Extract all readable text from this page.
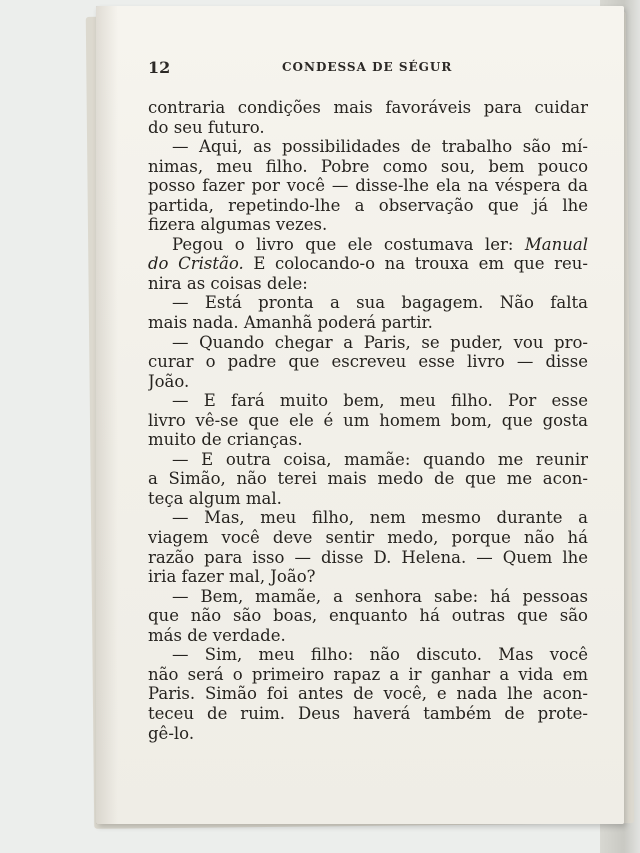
12	CONDESSA DE SÉGUR
contraria condições mais favoráveis para cuidar
do seu futuro.
— Aqui, as possibilidades de trabalho são mí-
nimas, meu filho. Pobre como sou, bem pouco
posso fazer por você — disse-lhe ela na véspera da
partida, repetindo-lhe a observação que já lhe
fizera algumas vezes.
Pegou o livro que ele costumava ler: Manual
do Cristão. E colocando-o na trouxa em que reu-
nira as coisas dele:
— Está pronta a sua bagagem. Não falta
mais nada. Amanhã poderá partir.
— Quando chegar a Paris, se puder, vou pro-
curar o padre que escreveu esse livro — disse
João.
— E fará muito bem, meu filho. Por esse
livro vê-se que ele é um homem bom, que gosta
muito de crianças.
— E outra coisa, mamãe: quando me reunir
a Simão, não terei mais medo de que me acon-
teça algum mal.
— Mas, meu filho, nem mesmo durante a
viagem você deve sentir medo, porque não há
razão para isso — disse D. Helena. — Quem lhe
iria fazer mal, João?
— Bem, mamãe, a senhora sabe: há pessoas
que não são boas, enquanto há outras que são
más de verdade.
— Sim, meu filho: não discuto. Mas você
não será o primeiro rapaz a ir ganhar a vida em
Paris. Simão foi antes de você, e nada lhe acon-
teceu de ruim. Deus haverá também de prote-
gê-lo.
